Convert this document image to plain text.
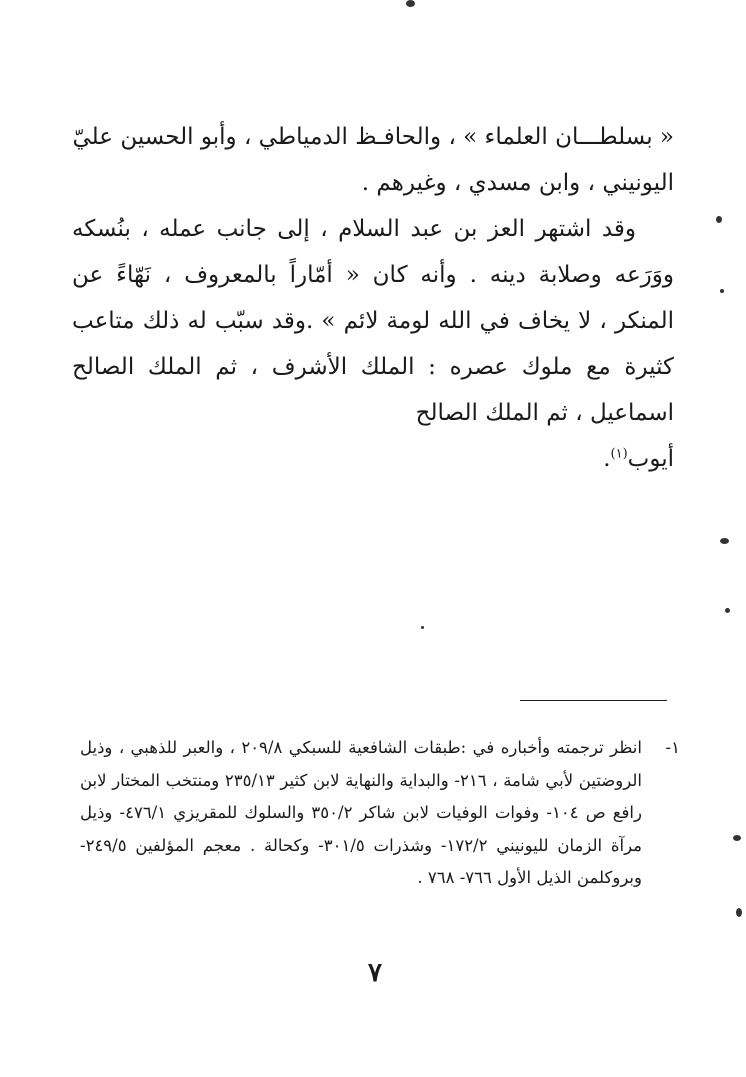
« بسلطـــان العلماء » ، والحافـظ الدمياطي ، وأبو الحسين عليّ

اليونيني ، وابن مسدي ، وغيرهم .

وقد اشتهر العز بن عبد السلام ، إلى جانب عمله ، بنُسكه ووَرَعه وصلابة دينه . وأنه كان « أمّاراً بالمعروف ، نَهّاءً عن المنكر ، لا يخاف في الله لومة لائم » .وقد سبّب له ذلك متاعب كثيرة مع ملوك عصره : الملك الأشرف ، ثم الملك الصالح اسماعيل ، ثم الملك الصالح

أيوب$^{(١)}$.

١-
انظر ترجمته وأخباره في :طبقات الشافعية للسبكي ٢٠٩/٨ ، والعبر للذهبي ، وذيل الروضتين لأبي شامة ، ٢١٦- والبداية والنهاية لابن كثير ٢٣٥/١٣ ومنتخب المختار لابن رافع ص ١٠٤- وفوات الوفيات لابن شاكر ٣٥٠/٢ والسلوك للمقريزي ٤٧٦/١- وذيل مرآة الزمان لليونيني ١٧٢/٢- وشذرات ٣٠١/٥- وكحالة . معجم المؤلفين ٢٤٩/٥- وبروكلمن الذيل الأول ٧٦٦- ٧٦٨ .
٧
